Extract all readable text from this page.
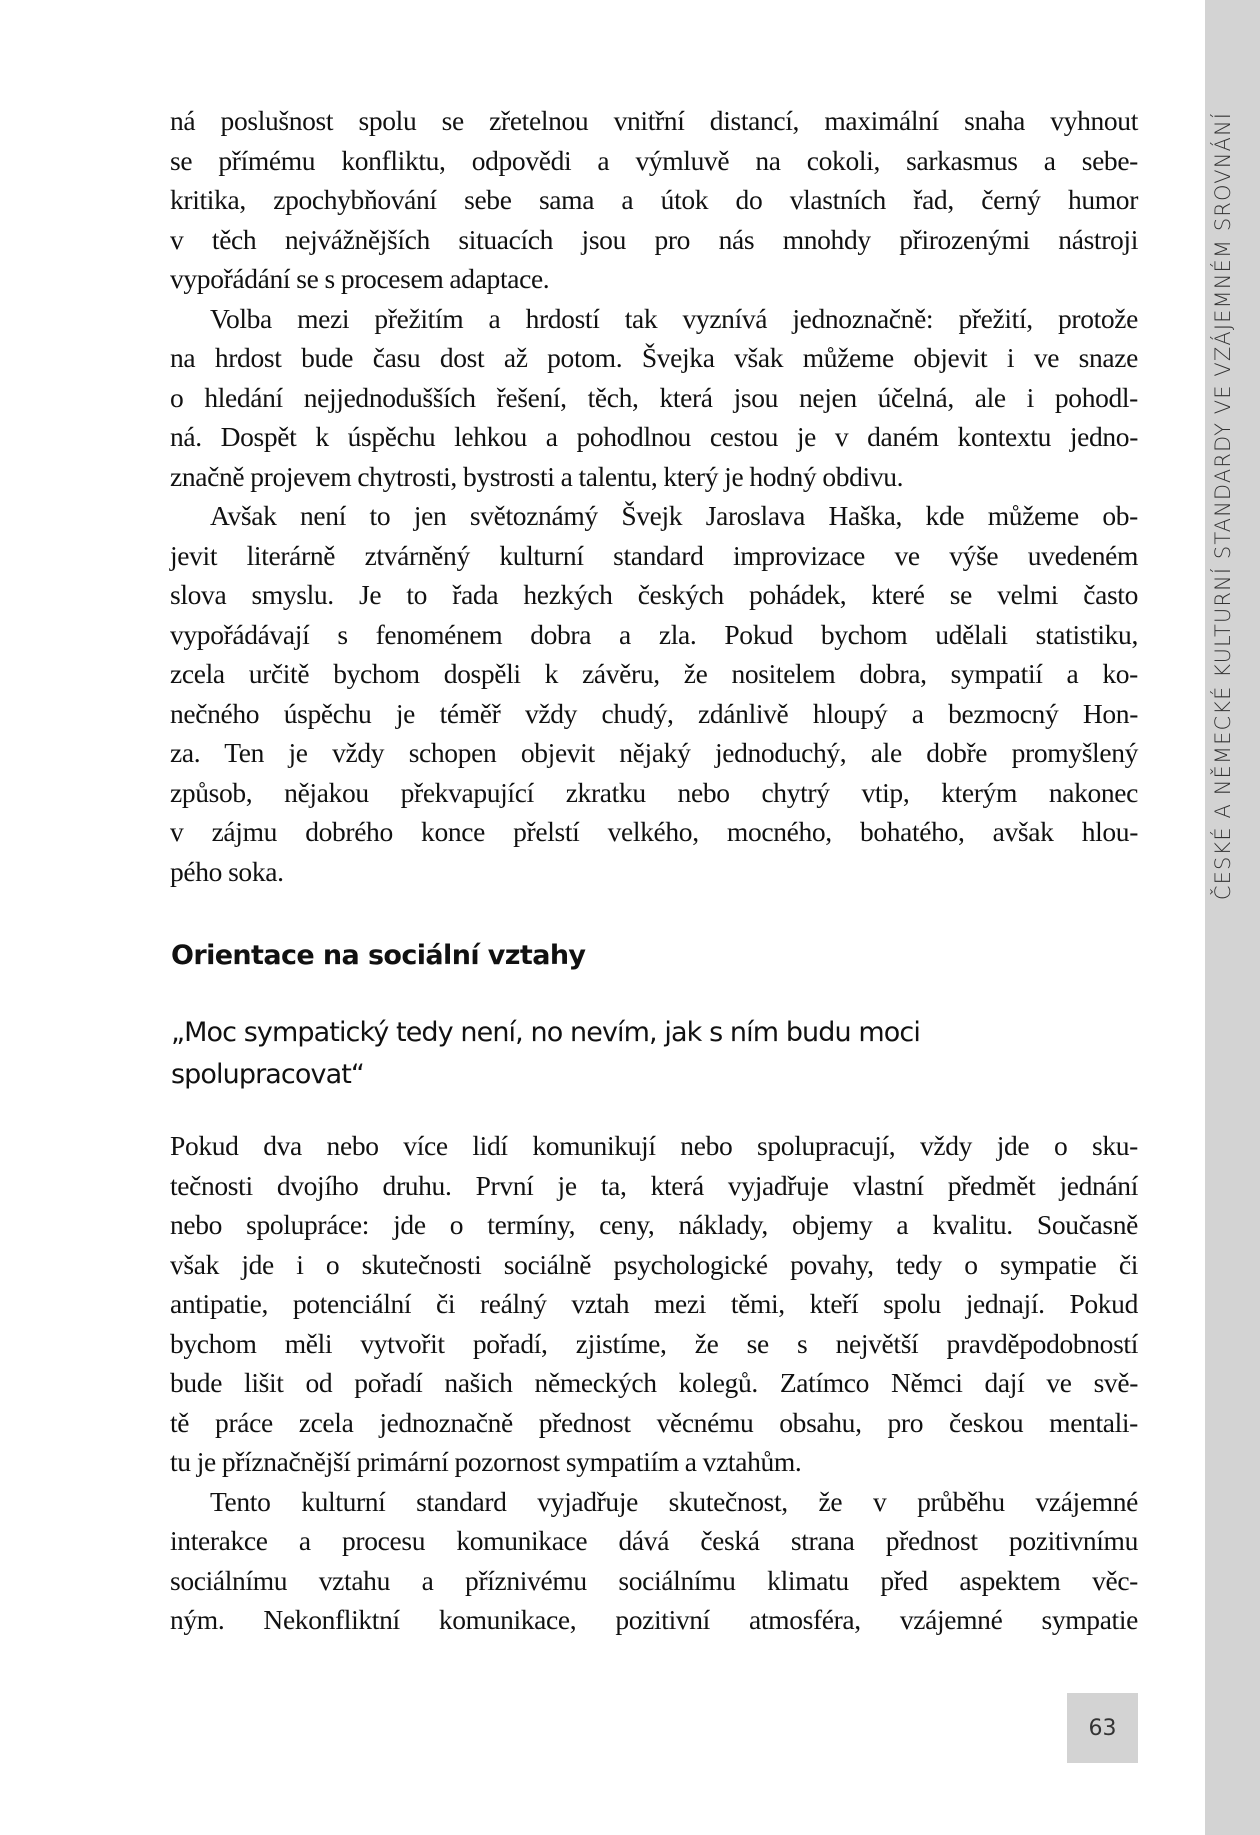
ČESKÉ A NĚMECKÉ KULTURNÍ STANDARDY VE VZÁJEMNÉM SROVNÁNÍ

ná poslušnost spolu se zřetelnou vnitřní distancí, maximální snaha vyhnout
se přímému konfliktu, odpovědi a výmluvě na cokoli, sarkasmus a sebe-
kritika, zpochybňování sebe sama a útok do vlastních řad, černý humor
v těch nejvážnějších situacích jsou pro nás mnohdy přirozenými nástroji
vypořádání se s procesem adaptace.

Volba mezi přežitím a hrdostí tak vyznívá jednoznačně: přežití, protože
na hrdost bude času dost až potom. Švejka však můžeme objevit i ve snaze
o hledání nejjednodušších řešení, těch, která jsou nejen účelná, ale i pohodl-
ná. Dospět k úspěchu lehkou a pohodlnou cestou je v daném kontextu jedno-
značně projevem chytrosti, bystrosti a talentu, který je hodný obdivu.

Avšak není to jen světoznámý Švejk Jaroslava Haška, kde můžeme ob-
jevit literárně ztvárněný kulturní standard improvizace ve výše uvedeném
slova smyslu. Je to řada hezkých českých pohádek, které se velmi často
vypořádávají s fenoménem dobra a zla. Pokud bychom udělali statistiku,
zcela určitě bychom dospěli k závěru, že nositelem dobra, sympatií a ko-
nečného úspěchu je téměř vždy chudý, zdánlivě hloupý a bezmocný Hon-
za. Ten je vždy schopen objevit nějaký jednoduchý, ale dobře promyšlený
způsob, nějakou překvapující zkratku nebo chytrý vtip, kterým nakonec
v zájmu dobrého konce přelstí velkého, mocného, bohatého, avšak hlou-
pého soka.

Orientace na sociální vztahy

„Moc sympatický tedy není, no nevím, jak s ním budu moci
spolupracovat“

Pokud dva nebo více lidí komunikují nebo spolupracují, vždy jde o sku-
tečnosti dvojího druhu. První je ta, která vyjadřuje vlastní předmět jednání
nebo spolupráce: jde o termíny, ceny, náklady, objemy a kvalitu. Současně
však jde i o skutečnosti sociálně psychologické povahy, tedy o sympatie či
antipatie, potenciální či reálný vztah mezi těmi, kteří spolu jednají. Pokud
bychom měli vytvořit pořadí, zjistíme, že se s největší pravděpodobností
bude lišit od pořadí našich německých kolegů. Zatímco Němci dají ve svě-
tě práce zcela jednoznačně přednost věcnému obsahu, pro českou mentali-
tu je příznačnější primární pozornost sympatiím a vztahům.

Tento kulturní standard vyjadřuje skutečnost, že v průběhu vzájemné
interakce a procesu komunikace dává česká strana přednost pozitivnímu
sociálnímu vztahu a příznivému sociálnímu klimatu před aspektem věc-
ným. Nekonfliktní komunikace, pozitivní atmosféra, vzájemné sympatie

63
